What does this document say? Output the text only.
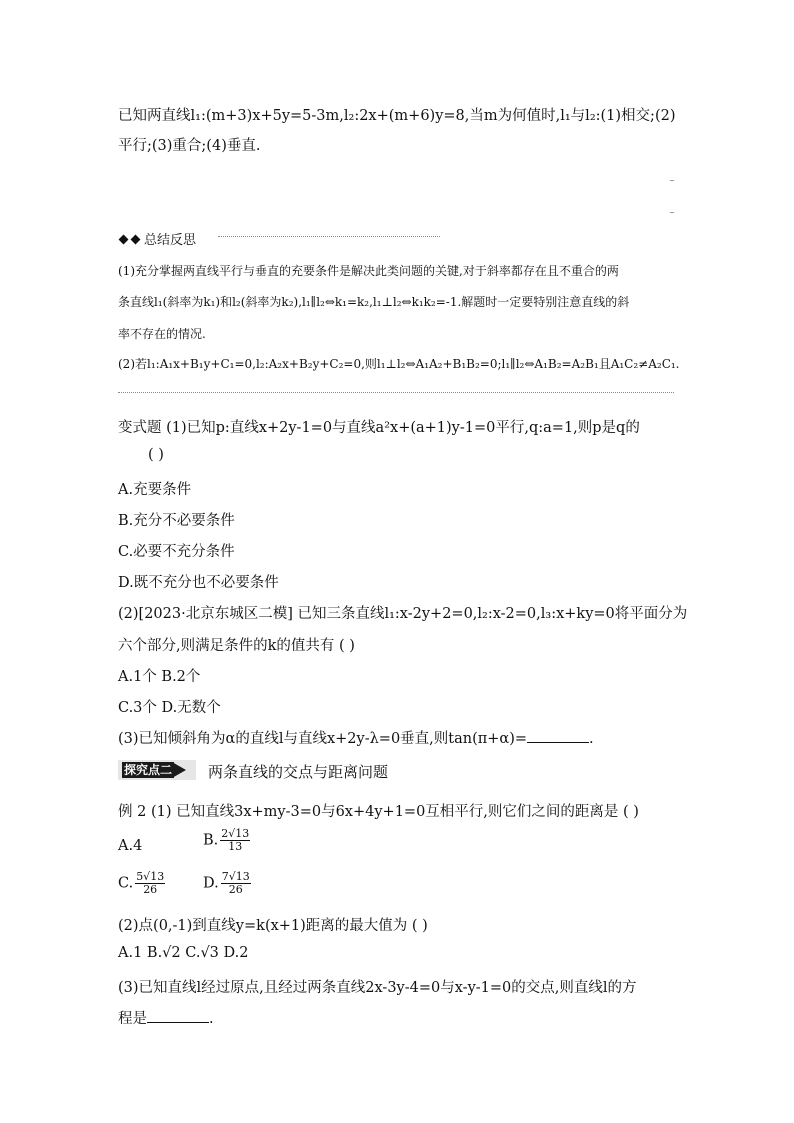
已知两直线l₁:(m+3)x+5y=5-3m,l₂:2x+(m+6)y=8,当m为何值时,l₁与l₂:(1)相交;(2)
平行;(3)重合;(4)垂直.
总结反思
(1)充分掌握两直线平行与垂直的充要条件是解决此类问题的关键,对于斜率都存在且不重合的两
条直线l₁(斜率为k₁)和l₂(斜率为k₂),l₁∥l₂⇔k₁=k₂,l₁⊥l₂⇔k₁k₂=-1.解题时一定要特别注意直线的斜
率不存在的情况.
(2)若l₁:A₁x+B₁y+C₁=0,l₂:A₂x+B₂y+C₂=0,则l₁⊥l₂⇔A₁A₂+B₁B₂=0;l₁∥l₂⇔A₁B₂=A₂B₁且A₁C₂≠A₂C₁.
变式题 (1)已知p:直线x+2y-1=0与直线a²x+(a+1)y-1=0平行,q:a=1,则p是q的
( )
A.充要条件
B.充分不必要条件
C.必要不充分条件
D.既不充分也不必要条件
(2)[2023·北京东城区二模] 已知三条直线l₁:x-2y+2=0,l₂:x-2=0,l₃:x+ky=0将平面分为
六个部分,则满足条件的k的值共有 ( )
A.1个 B.2个
C.3个 D.无数个
(3)已知倾斜角为α的直线l与直线x+2y-λ=0垂直,则tan(π+α)=	.
探究点二 两条直线的交点与距离问题
例 2 (1) 已知直线3x+my-3=0与6x+4y+1=0互相平行,则它们之间的距离是 ( )
A.4	B. $\frac{2√13}{13}$
C. $\frac{5√13}{26}$	D. $\frac{7√13}{26}$
(2)点(0,-1)到直线y=k(x+1)距离的最大值为 ( )
A.1 B.√2 C.√3 D.2
(3)已知直线l经过原点,且经过两条直线2x-3y-4=0与x-y-1=0的交点,则直线l的方
程是	.
